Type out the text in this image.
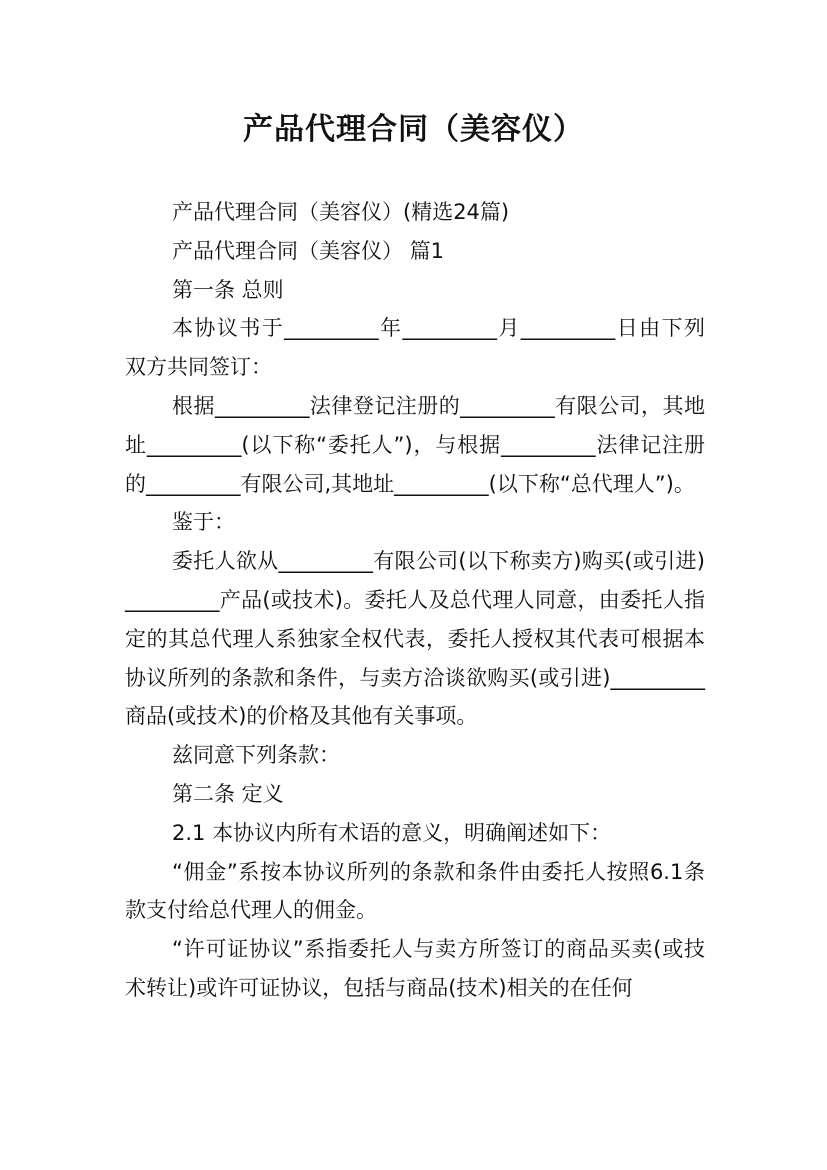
产品代理合同（美容仪）

产品代理合同（美容仪）(精选24篇)

产品代理合同（美容仪） 篇1

第一条 总则

本协议书于_________年_________月_________日由下列双方共同签订：

根据_________法律登记注册的_________有限公司，其地址_________(以下称“委托人”)，与根据_________法律记注册的_________有限公司,其地址_________(以下称“总代理人”)。

鉴于：

委托人欲从_________有限公司(以下称卖方)购买(或引进)_________产品(或技术)。委托人及总代理人同意，由委托人指定的其总代理人系独家全权代表，委托人授权其代表可根据本协议所列的条款和条件，与卖方洽谈欲购买(或引进)_________商品(或技术)的价格及其他有关事项。

兹同意下列条款：

第二条 定义

2.1 本协议内所有术语的意义，明确阐述如下：

“佣金”系按本协议所列的条款和条件由委托人按照6.1条款支付给总代理人的佣金。

“许可证协议”系指委托人与卖方所签订的商品买卖(或技术转让)或许可证协议，包括与商品(技术)相关的在任何
